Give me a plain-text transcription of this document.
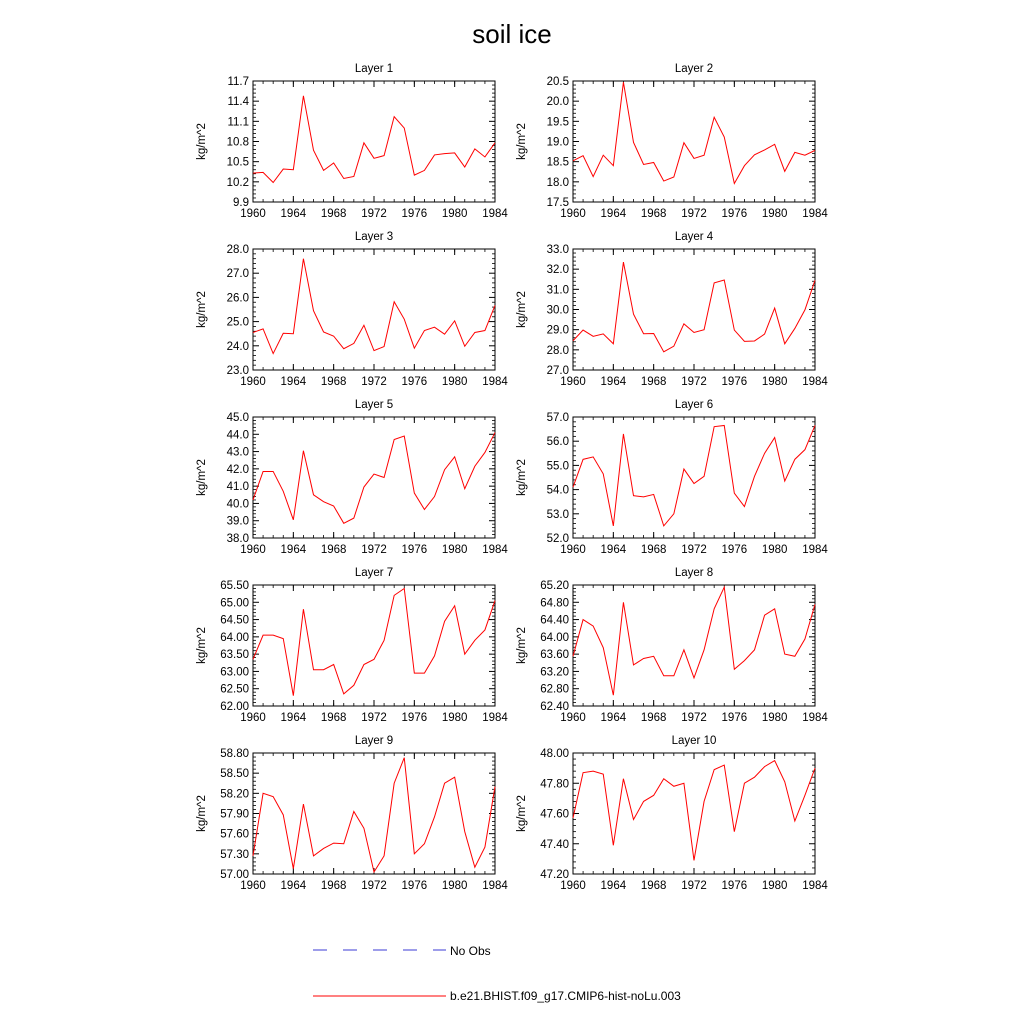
soil ice
Layer 1
1960 1964 1968 1972 1976 1980 1984
9.9
10.2
10.5
10.8
11.1
11.4
11.7
kg/m^2
Layer 2
1960 1964 1968 1972 1976 1980 1984
17.5
18.0
18.5
19.0
19.5
20.0
20.5
kg/m^2
Layer 3
1960 1964 1968 1972 1976 1980 1984
23.0
24.0
25.0
26.0
27.0
28.0
kg/m^2
Layer 4
1960 1964 1968 1972 1976 1980 1984
27.0
28.0
29.0
30.0
31.0
32.0
33.0
kg/m^2
Layer 5
1960 1964 1968 1972 1976 1980 1984
38.0
39.0
40.0
41.0
42.0
43.0
44.0
45.0
kg/m^2
Layer 6
1960 1964 1968 1972 1976 1980 1984
52.0
53.0
54.0
55.0
56.0
57.0
kg/m^2
Layer 7
1960 1964 1968 1972 1976 1980 1984
62.00
62.50
63.00
63.50
64.00
64.50
65.00
65.50
kg/m^2
Layer 8
1960 1964 1968 1972 1976 1980 1984
62.40
62.80
63.20
63.60
64.00
64.40
64.80
65.20
kg/m^2
Layer 9
1960 1964 1968 1972 1976 1980 1984
57.00
57.30
57.60
57.90
58.20
58.50
58.80
kg/m^2
Layer 10
1960 1964 1968 1972 1976 1980 1984
47.20
47.40
47.60
47.80
48.00
kg/m^2
No Obs
b.e21.BHIST.f09_g17.CMIP6-hist-noLu.003
